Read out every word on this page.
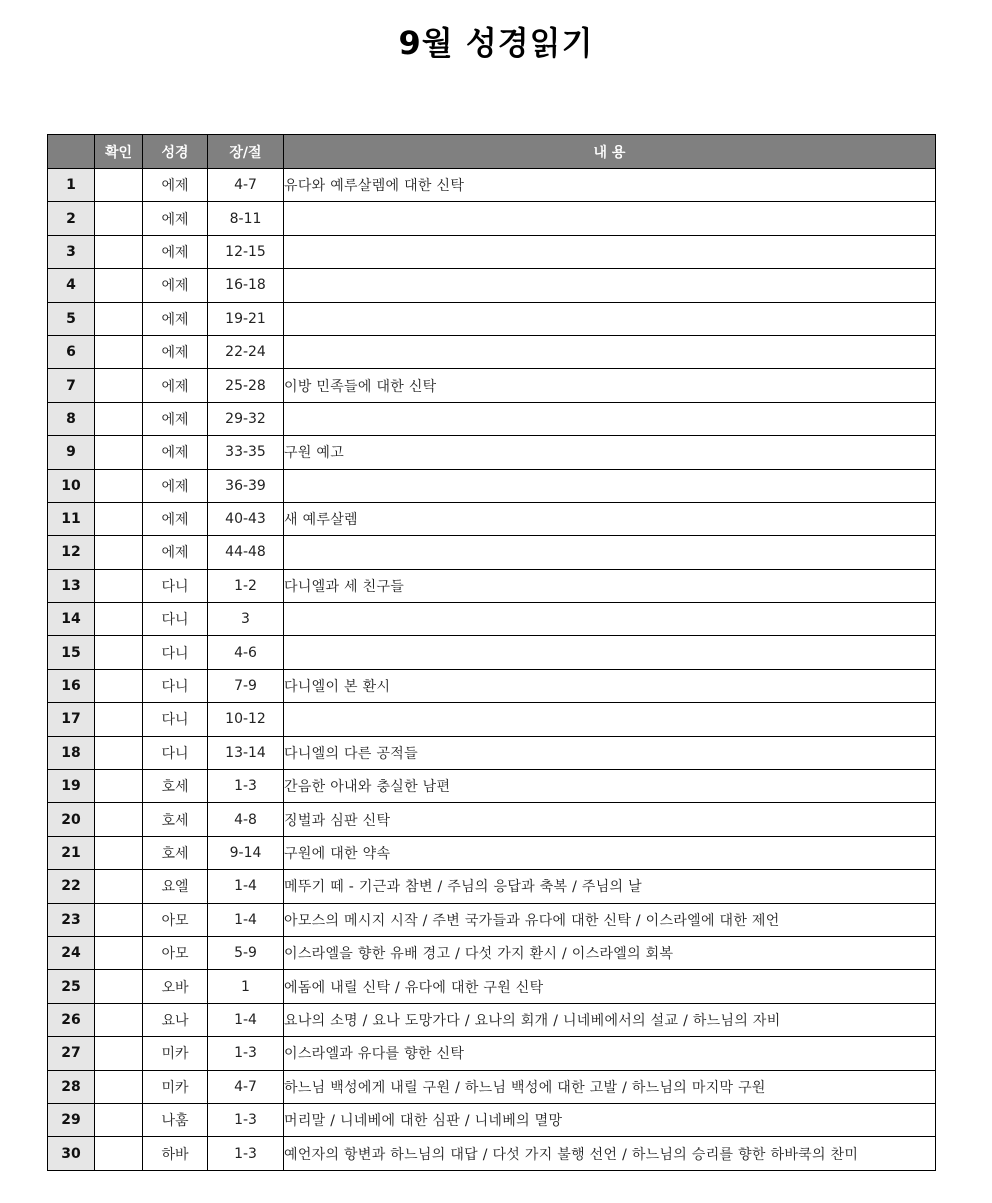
9월 성경읽기
	확인	성경	장/절	내 용
1		에제	4-7	유다와 예루살렘에 대한 신탁
2		에제	8-11	
3		에제	12-15	
4		에제	16-18	
5		에제	19-21	
6		에제	22-24	
7		에제	25-28	이방 민족들에 대한 신탁
8		에제	29-32	
9		에제	33-35	구원 예고
10		에제	36-39	
11		에제	40-43	새 예루살렘
12		에제	44-48	
13		다니	1-2	다니엘과 세 친구들
14		다니	3	
15		다니	4-6	
16		다니	7-9	다니엘이 본 환시
17		다니	10-12	
18		다니	13-14	다니엘의 다른 공적들
19		호세	1-3	간음한 아내와 충실한 남편
20		호세	4-8	징벌과 심판 신탁
21		호세	9-14	구원에 대한 약속
22		요엘	1-4	메뚜기 떼 - 기근과 참변 / 주님의 응답과 축복 / 주님의 날
23		아모	1-4	아모스의 메시지 시작 / 주변 국가들과 유다에 대한 신탁 / 이스라엘에 대한 제언
24		아모	5-9	이스라엘을 향한 유배 경고 / 다섯 가지 환시 / 이스라엘의 회복
25		오바	1	에돔에 내릴 신탁 / 유다에 대한 구원 신탁
26		요나	1-4	요나의 소명 / 요나 도망가다 / 요나의 회개 / 니네베에서의 설교 / 하느님의 자비
27		미카	1-3	이스라엘과 유다를 향한 신탁
28		미카	4-7	하느님 백성에게 내릴 구원 / 하느님 백성에 대한 고발 / 하느님의 마지막 구원
29		나훔	1-3	머리말 / 니네베에 대한 심판 / 니네베의 멸망
30		하바	1-3	예언자의 항변과 하느님의 대답 / 다섯 가지 불행 선언 / 하느님의 승리를 향한 하바쿡의 찬미
